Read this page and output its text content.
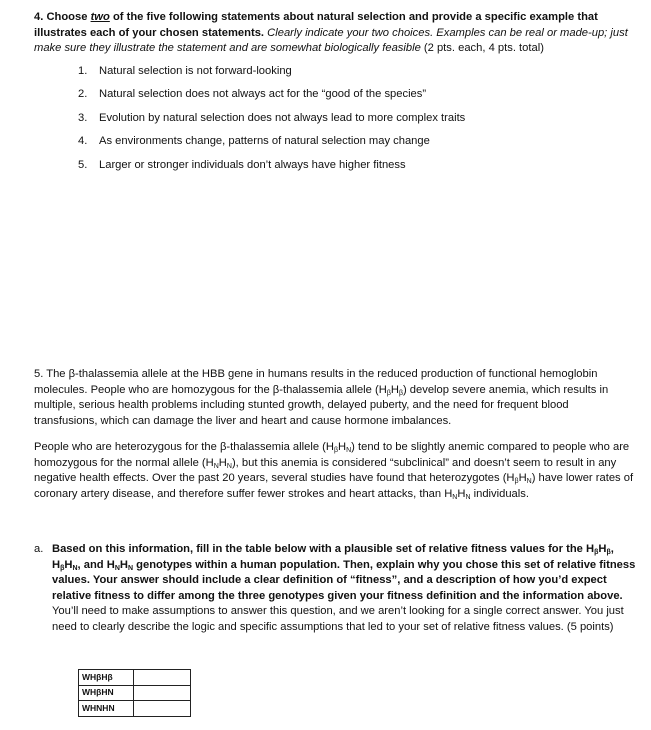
4. Choose two of the five following statements about natural selection and provide a specific example that illustrates each of your chosen statements. Clearly indicate your two choices. Examples can be real or made-up; just make sure they illustrate the statement and are somewhat biologically feasible (2 pts. each, 4 pts. total)

1.	Natural selection is not forward-looking
2.	Natural selection does not always act for the “good of the species”
3.	Evolution by natural selection does not always lead to more complex traits
4.	As environments change, patterns of natural selection may change
5.	Larger or stronger individuals don’t always have higher fitness

5. The β-thalassemia allele at the HBB gene in humans results in the reduced production of functional hemoglobin molecules. People who are homozygous for the β-thalassemia allele $(H_\beta H_\beta)$ develop severe anemia, which results in multiple, serious health problems including stunted growth, delayed puberty, and the need for frequent blood transfusions, which can damage the liver and heart and cause hormone imbalances.

People who are heterozygous for the β-thalassemia allele $(H_\beta H_N)$ tend to be slightly anemic compared to people who are homozygous for the normal allele $(H_NH_N)$, but this anemia is considered “subclinical” and doesn’t seem to result in any negative health effects. Over the past 20 years, several studies have found that heterozygotes $(H_\beta H_N)$ have lower rates of coronary artery disease, and therefore suffer fewer strokes and heart attacks, than $H_NH_N$ individuals.

a. Based on this information, fill in the table below with a plausible set of relative fitness values for the $H_\beta H_\beta$, $H_\beta H_N$, and $H_NH_N$ genotypes within a human population. Then, explain why you chose this set of relative fitness values. Your answer should include a clear definition of “fitness”, and a description of how you’d expect relative fitness to differ among the three genotypes given your fitness definition and the information above. You’ll need to make assumptions to answer this question, and we aren’t looking for a single correct answer. You just need to clearly describe the logic and specific assumptions that led to your set of relative fitness values. (5 points)

WHβHβ	
WHβHN	
WHNHN	
